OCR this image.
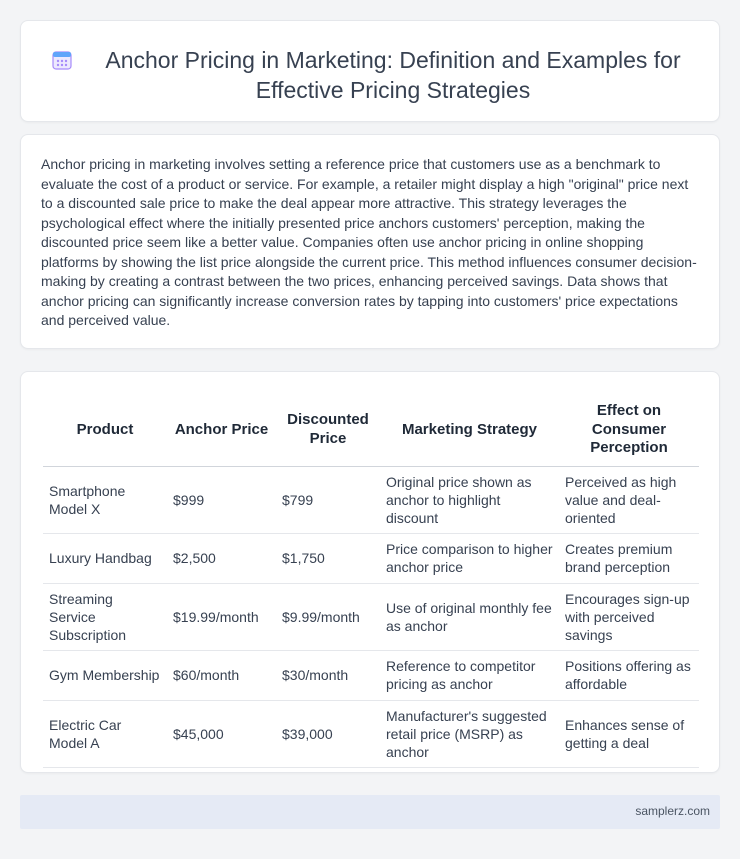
Anchor Pricing in Marketing: Definition and Examples for Effective Pricing Strategies

Anchor pricing in marketing involves setting a reference price that customers use as a benchmark to evaluate the cost of a product or service. For example, a retailer might display a high "original" price next to a discounted sale price to make the deal appear more attractive. This strategy leverages the psychological effect where the initially presented price anchors customers' perception, making the discounted price seem like a better value. Companies often use anchor pricing in online shopping platforms by showing the list price alongside the current price. This method influences consumer decision-making by creating a contrast between the two prices, enhancing perceived savings. Data shows that anchor pricing can significantly increase conversion rates by tapping into customers' price expectations and perceived value.

Product	Anchor Price	Discounted Price	Marketing Strategy	Effect on Consumer Perception
Smartphone Model X	$999	$799	Original price shown as anchor to highlight discount	Perceived as high value and deal-oriented
Luxury Handbag	$2,500	$1,750	Price comparison to higher anchor price	Creates premium brand perception
Streaming Service Subscription	$19.99/month	$9.99/month	Use of original monthly fee as anchor	Encourages sign-up with perceived savings
Gym Membership	$60/month	$30/month	Reference to competitor pricing as anchor	Positions offering as affordable
Electric Car Model A	$45,000	$39,000	Manufacturer's suggested retail price (MSRP) as anchor	Enhances sense of getting a deal
samplerz.com
